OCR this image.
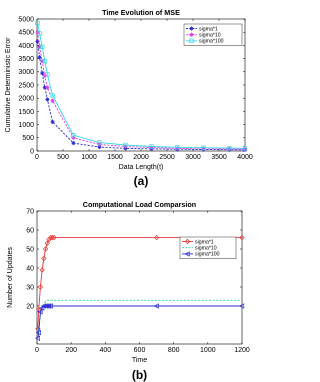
Time Evolution of MSE
0	500 1000 1500 2000 2500 3000 3500 4000
0
500
1000
1500
2000
2500
3000
3500
4000
4500
5000
Data Length(t)
Cumulative Deterministic Error
sigma*1
sigma*10
sigma*100
(a)
Computational Load Comparsion
0	200	400	600	800	1000	1200
20
30
40
50
60
70
Time
Number of Updates
sigma*1
sigma*10
sigma*100
(b)
